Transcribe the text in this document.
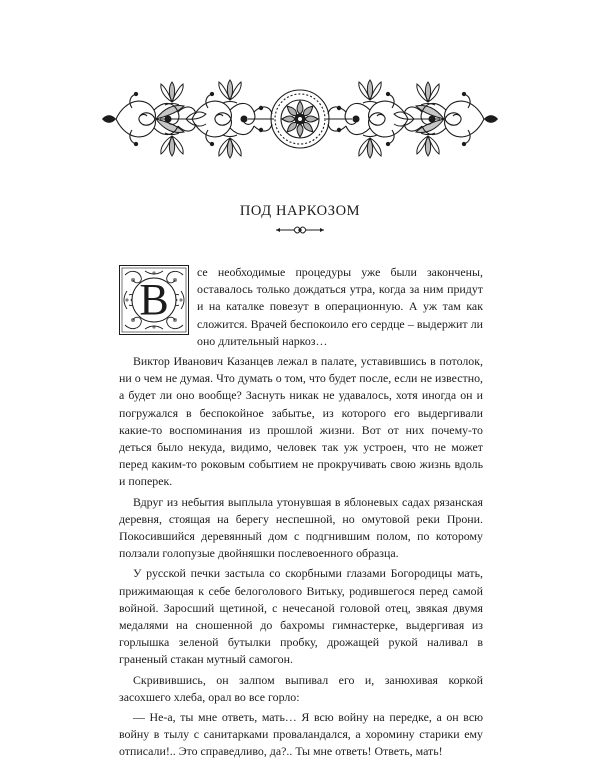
ПОД НАРКОЗОМ
В

се необходимые процедуры уже были закончены, оставалось только дождаться утра, когда за ним придут и на каталке повезут в операционную. А уж там как сложится. Врачей беспокоило его сердце – выдержит ли оно длительный наркоз…

Виктор Иванович Казанцев лежал в палате, уставившись в потолок, ни о чем не думая. Что думать о том, что будет после, если не известно, а будет ли оно вообще? Заснуть никак не удавалось, хотя иногда он и погружался в беспокойное забытье, из которого его выдергивали какие-то воспоминания из прошлой жизни. Вот от них почему-то деться было некуда, видимо, человек так уж устроен, что не может перед каким-то роковым событием не прокручивать свою жизнь вдоль и поперек.

Вдруг из небытия выплыла утонувшая в яблоневых садах рязанская деревня, стоящая на берегу неспешной, но омутовой реки Прони. Покосившийся деревянный дом с подгнившим полом, по которому ползали голопузые двойняшки послевоенного образца.

У русской печки застыла со скорбными глазами Богородицы мать, прижимающая к себе белоголового Витьку, родившегося перед самой войной. Заросший щетиной, с нечесаной головой отец, звякая двумя медалями на сношенной до бахромы гимнастерке, выдергивая из горлышка зеленой бутылки пробку, дрожащей рукой наливал в граненый стакан мутный самогон.

Скривившись, он залпом выпивал его и, занюхивая коркой засохшего хлеба, орал во все горло:

— Не-а, ты мне ответь, мать… Я всю войну на передке, а он всю войну в тылу с санитарками проваландался, а хоромину старики ему отписали!.. Это справедливо, да?.. Ты мне ответь! Ответь, мать!
